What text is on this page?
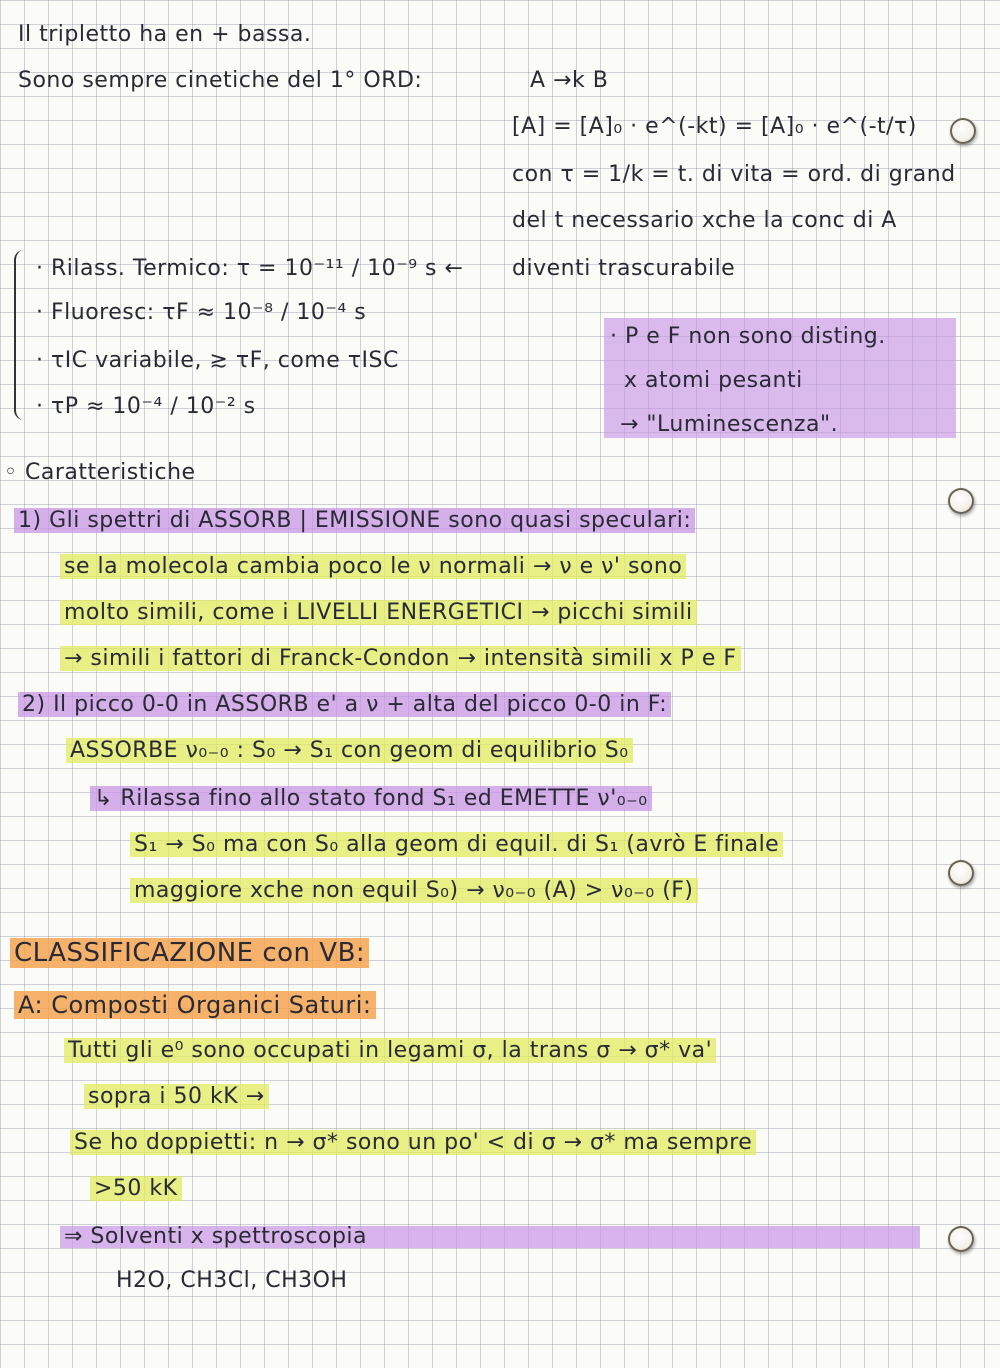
Il tripletto ha en + bassa.
Sono sempre cinetiche del 1° ORD:	A →k B
[A] = [A]₀ · e^(-kt) = [A]₀ · e^(-t/τ)
con τ = 1/k = t. di vita = ord. di grand
del t necessario xche la conc di A
diventi trascurabile
· Rilass. Termico: τ = 10⁻¹¹ / 10⁻⁹ s ←
· Fluoresc: τF ≈ 10⁻⁸ / 10⁻⁴ s
· τIC variabile, ≳ τF, come τISC
· τP ≈ 10⁻⁴ / 10⁻² s
· P e F non sono disting.
x atomi pesanti
→ "Luminescenza".
◦ Caratteristiche
1) Gli spettri di ASSORB | EMISSIONE sono quasi speculari:
se la molecola cambia poco le ν normali → ν e ν' sono
molto simili, come i LIVELLI ENERGETICI → picchi simili
→ simili i fattori di Franck-Condon → intensità simili x P e F
2) Il picco 0-0 in ASSORB e' a ν + alta del picco 0-0 in F:
ASSORBE ν₀₋₀ : S₀ → S₁ con geom di equilibrio S₀
↳ Rilassa fino allo stato fond S₁ ed EMETTE ν'₀₋₀
S₁ → S₀ ma con S₀ alla geom di equil. di S₁ (avrò E finale
maggiore xche non equil S₀) → ν₀₋₀ (A) > ν₀₋₀ (F)
CLASSIFICAZIONE con VB:
A: Composti Organici Saturi:
Tutti gli e⁰ sono occupati in legami σ, la trans σ → σ* va'
sopra i 50 kK →
Se ho doppietti: n → σ* sono un po' < di σ → σ* ma sempre
>50 kK
⇒ Solventi x spettroscopia
H2O, CH3Cl, CH3OH
